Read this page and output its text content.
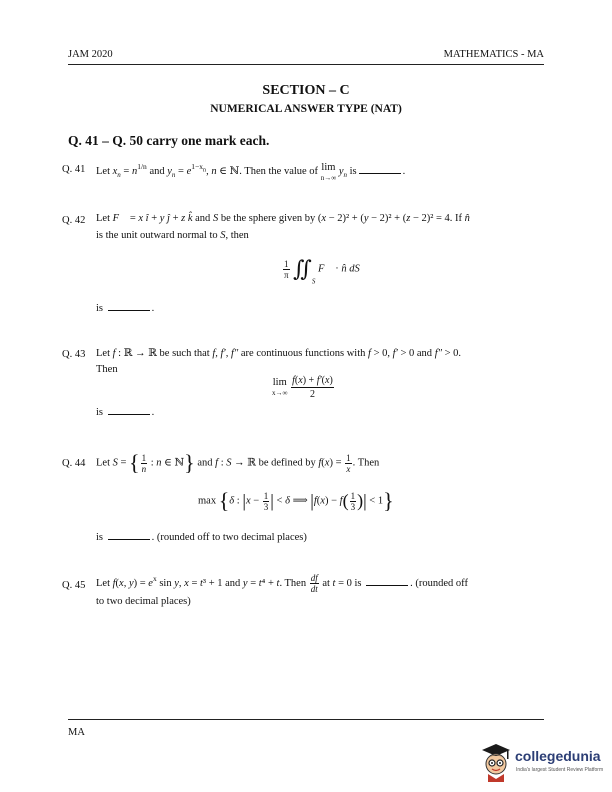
JAM 2020	MATHEMATICS - MA
SECTION – C
NUMERICAL ANSWER TYPE (NAT)
Q. 41 – Q. 50 carry one mark each.
Q. 41 Let $x_n = n^{1/n}$ and $y_n = e^{1-x_n}$, n ∈ ℕ. Then the value of lim
n→∞
$y_n$ is	.
Q. 42 Let F⃗ = x î + y ĵ + z k̂ and S be the sphere given by (x − 2)² + (y − 2)² + (z − 2)² = 4. If n̂
is the unit outward normal to S, then
$\frac{1}{\pi}$ $∬_S$ F⃗ · n̂ dS
is	.
Q. 43 Let f : ℝ → ℝ be such that f, f′, f″ are continuous functions with f > 0, f′ > 0 and f″ > 0.
Then
lim
x→∞
$\frac{f(x) + f'(x)}{2}$
is	.
Q. 44 Let S = { $\frac{1}{n}$ : n ∈ ℕ} and f : S → ℝ be defined by $f(x) = \frac{1}{x}$ . Then
max {δ : $|x - \frac{1}{3}$ | < δ ⟹ $|f(x) - f( \frac{1}{3}$ )| < 1}
is	. (rounded off to two decimal places)
Q. 45 Let f(x, $y) = e^x$ sin y, x = t³ + 1 and y = t⁴ + t. Then $\frac{df}{dt}$ at t = 0 is	. (rounded off
to two decimal places)
MA
collegedunia
India's largest Student Review Platform
